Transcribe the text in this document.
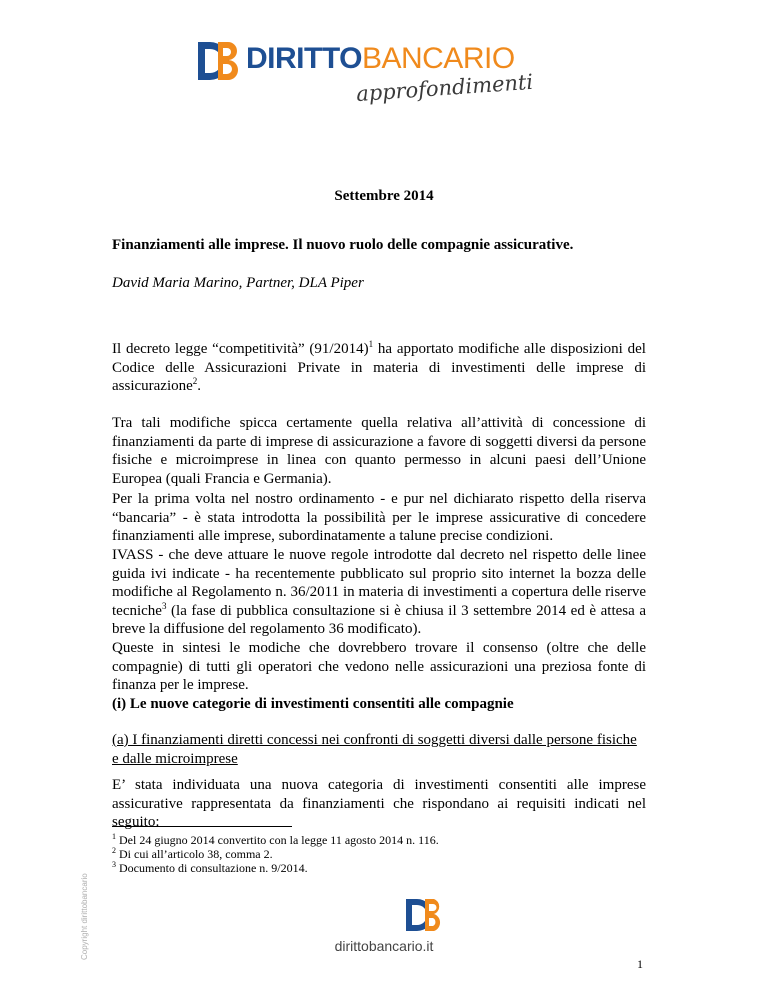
DIRITTOBANCARIO
approfondimenti
Settembre 2014
Finanziamenti alle imprese. Il nuovo ruolo delle compagnie assicurative.
David Maria Marino, Partner, DLA Piper
Il decreto legge “competitività” $(91/2014)^1$ ha apportato modifiche alle disposizioni del Codice delle Assicurazioni Private in materia di investimenti delle imprese di assicurazione$^2$.
Tra tali modifiche spicca certamente quella relativa all’attività di concessione di finanziamenti da parte di imprese di assicurazione a favore di soggetti diversi da persone fisiche e microimprese in linea con quanto permesso in alcuni paesi dell’Unione Europea (quali Francia e Germania).
Per la prima volta nel nostro ordinamento - e pur nel dichiarato rispetto della riserva “bancaria” - è stata introdotta la possibilità per le imprese assicurative di concedere finanziamenti alle imprese, subordinatamente a talune precise condizioni.
IVASS - che deve attuare le nuove regole introdotte dal decreto nel rispetto delle linee guida ivi indicate - ha recentemente pubblicato sul proprio sito internet la bozza delle modifiche al Regolamento n. 36/2011 in materia di investimenti a copertura delle riserve tecniche$^3$ (la fase di pubblica consultazione si è chiusa il 3 settembre 2014 ed è attesa a breve la diffusione del regolamento 36 modificato).
Queste in sintesi le modiche che dovrebbero trovare il consenso (oltre che delle compagnie) di tutti gli operatori che vedono nelle assicurazioni una preziosa fonte di finanza per le imprese.
(i) Le nuove categorie di investimenti consentiti alle compagnie
(a) I finanziamenti diretti concessi nei confronti di soggetti diversi dalle persone fisiche e dalle microimprese
E’ stata individuata una nuova categoria di investimenti consentiti alle imprese assicurative rappresentata da finanziamenti che rispondano ai requisiti indicati nel seguito:
$^1$ Del 24 giugno 2014 convertito con la legge 11 agosto 2014 n. 116.
$^2$ Di cui all’articolo 38, comma 2.
$^3$ Documento di consultazione n. 9/2014.
Copyright dirittobancario	dirittobancario.it
1
